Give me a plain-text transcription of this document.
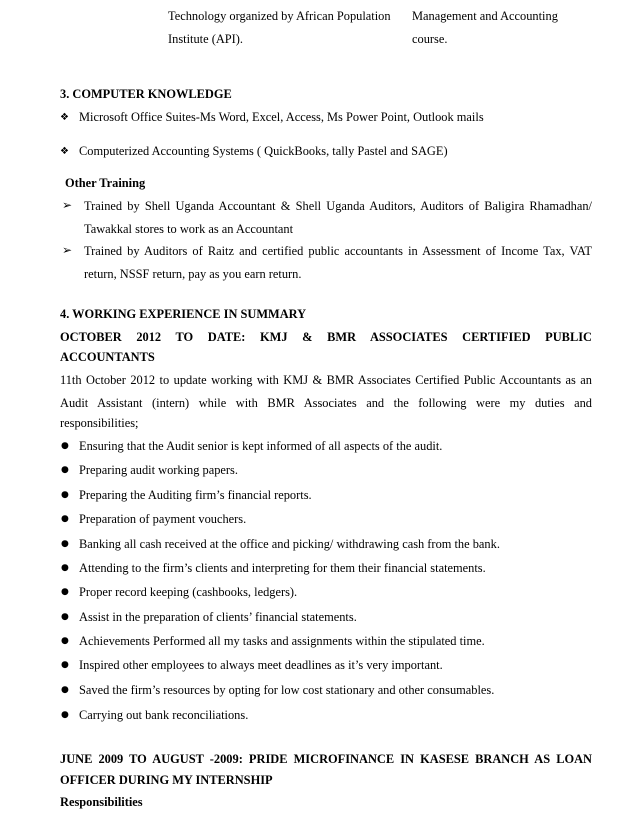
Technology organized by African Population
Institute (API).
Management and Accounting
course.
3. COMPUTER KNOWLEDGE
❖ Microsoft Office Suites-Ms Word, Excel, Access, Ms Power Point, Outlook mails
❖ Computerized Accounting Systems ( QuickBooks, tally Pastel and SAGE)
Other Training
➢ Trained by Shell Uganda Accountant & Shell Uganda Auditors, Auditors of Baligira Rhamadhan/
Tawakkal stores to work as an Accountant
➢ Trained by Auditors of Raitz and certified public accountants in Assessment of Income Tax, VAT
return, NSSF return, pay as you earn return.
4. WORKING EXPERIENCE IN SUMMARY
OCTOBER 2012 TO DATE: KMJ & BMR ASSOCIATES CERTIFIED PUBLIC
ACCOUNTANTS
11th October 2012 to update working with KMJ & BMR Associates Certified Public Accountants as an
Audit Assistant (intern) while with BMR Associates and the following were my duties and
responsibilities;
● Ensuring that the Audit senior is kept informed of all aspects of the audit.
● Preparing audit working papers.
● Preparing the Auditing firm’s financial reports.
● Preparation of payment vouchers.
● Banking all cash received at the office and picking/ withdrawing cash from the bank.
● Attending to the firm’s clients and interpreting for them their financial statements.
● Proper record keeping (cashbooks, ledgers).
● Assist in the preparation of clients’ financial statements.
● Achievements Performed all my tasks and assignments within the stipulated time.
● Inspired other employees to always meet deadlines as it’s very important.
● Saved the firm’s resources by opting for low cost stationary and other consumables.
● Carrying out bank reconciliations.
JUNE 2009 TO AUGUST -2009: PRIDE MICROFINANCE IN KASESE BRANCH AS LOAN
OFFICER DURING MY INTERNSHIP
Responsibilities
